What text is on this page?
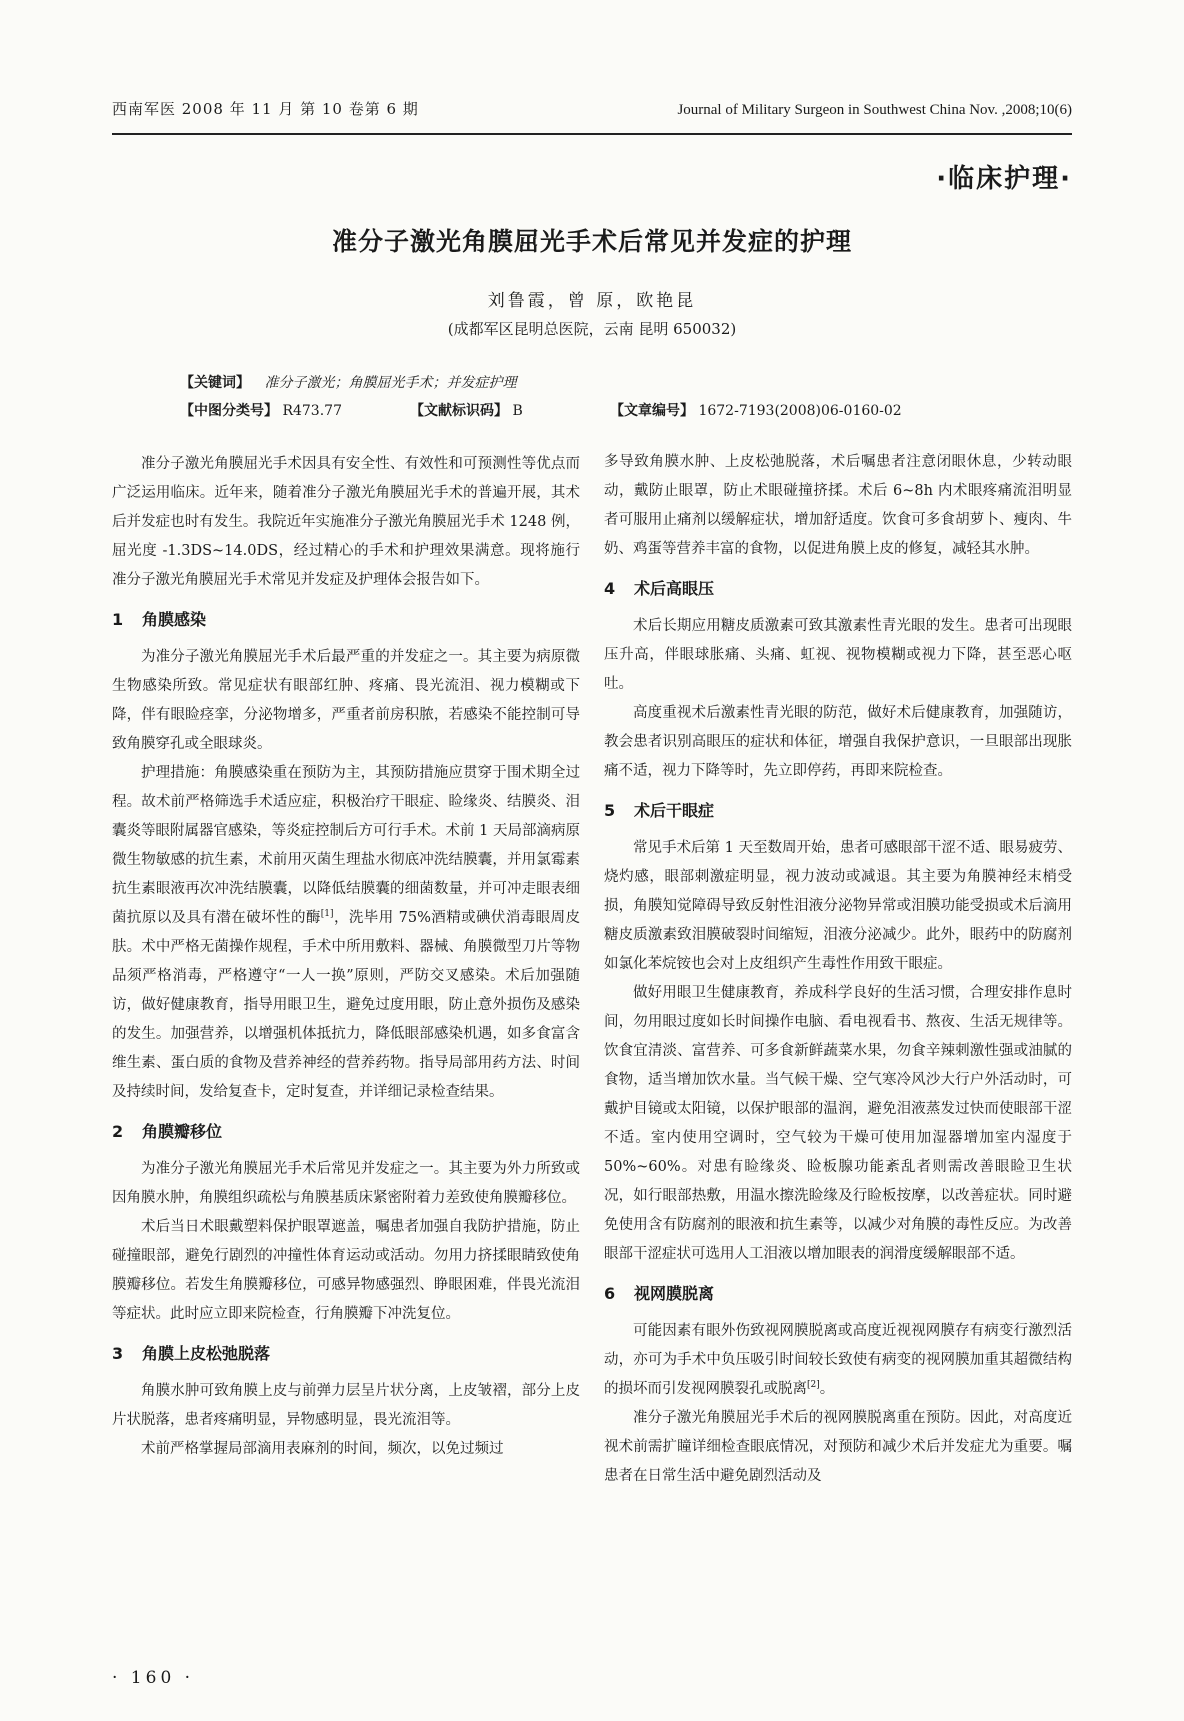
西南军医 2008 年 11 月 第 10 卷第 6 期	Journal of Military Surgeon in Southwest China Nov. ,2008;10(6)
·临床护理·
准分子激光角膜屈光手术后常见并发症的护理
刘鲁霞，曾 原，欧艳昆
(成都军区昆明总医院，云南 昆明 650032)
【关键词】 准分子激光；角膜屈光手术；并发症护理
【中图分类号】 R473.77	【文献标识码】 B	【文章编号】 1672-7193(2008)06-0160-02

准分子激光角膜屈光手术因具有安全性、有效性和可预测性等优点而广泛运用临床。近年来，随着准分子激光角膜屈光手术的普遍开展，其术后并发症也时有发生。我院近年实施准分子激光角膜屈光手术 1248 例，屈光度 -1.3DS~14.0DS，经过精心的手术和护理效果满意。现将施行准分子激光角膜屈光手术常见并发症及护理体会报告如下。

1 角膜感染

为准分子激光角膜屈光手术后最严重的并发症之一。其主要为病原微生物感染所致。常见症状有眼部红肿、疼痛、畏光流泪、视力模糊或下降，伴有眼睑痉挛，分泌物增多，严重者前房积脓，若感染不能控制可导致角膜穿孔或全眼球炎。

护理措施：角膜感染重在预防为主，其预防措施应贯穿于围术期全过程。故术前严格筛选手术适应症，积极治疗干眼症、睑缘炎、结膜炎、泪囊炎等眼附属器官感染，等炎症控制后方可行手术。术前 1 天局部滴病原微生物敏感的抗生素，术前用灭菌生理盐水彻底冲洗结膜囊，并用氯霉素抗生素眼液再次冲洗结膜囊，以降低结膜囊的细菌数量，并可冲走眼表细菌抗原以及具有潜在破坏性的酶[1]，洗毕用 75%酒精或碘伏消毒眼周皮肤。术中严格无菌操作规程，手术中所用敷料、器械、角膜微型刀片等物品须严格消毒，严格遵守“一人一换”原则，严防交叉感染。术后加强随访，做好健康教育，指导用眼卫生，避免过度用眼，防止意外损伤及感染的发生。加强营养，以增强机体抵抗力，降低眼部感染机遇，如多食富含维生素、蛋白质的食物及营养神经的营养药物。指导局部用药方法、时间及持续时间，发给复查卡，定时复查，并详细记录检查结果。

2 角膜瓣移位

为准分子激光角膜屈光手术后常见并发症之一。其主要为外力所致或因角膜水肿，角膜组织疏松与角膜基质床紧密附着力差致使角膜瓣移位。

术后当日术眼戴塑料保护眼罩遮盖，嘱患者加强自我防护措施，防止碰撞眼部，避免行剧烈的冲撞性体育运动或活动。勿用力挤揉眼睛致使角膜瓣移位。若发生角膜瓣移位，可感异物感强烈、睁眼困难，伴畏光流泪等症状。此时应立即来院检查，行角膜瓣下冲洗复位。

3 角膜上皮松弛脱落

角膜水肿可致角膜上皮与前弹力层呈片状分离，上皮皱褶，部分上皮片状脱落，患者疼痛明显，异物感明显，畏光流泪等。

术前严格掌握局部滴用表麻剂的时间，频次，以免过频过

多导致角膜水肿、上皮松弛脱落，术后嘱患者注意闭眼休息，少转动眼动，戴防止眼罩，防止术眼碰撞挤揉。术后 6~8h 内术眼疼痛流泪明显者可服用止痛剂以缓解症状，增加舒适度。饮食可多食胡萝卜、瘦肉、牛奶、鸡蛋等营养丰富的食物，以促进角膜上皮的修复，减轻其水肿。

4 术后高眼压

术后长期应用糖皮质激素可致其激素性青光眼的发生。患者可出现眼压升高，伴眼球胀痛、头痛、虹视、视物模糊或视力下降，甚至恶心呕吐。

高度重视术后激素性青光眼的防范，做好术后健康教育，加强随访，教会患者识别高眼压的症状和体征，增强自我保护意识，一旦眼部出现胀痛不适，视力下降等时，先立即停药，再即来院检查。

5 术后干眼症

常见手术后第 1 天至数周开始，患者可感眼部干涩不适、眼易疲劳、烧灼感，眼部刺激症明显，视力波动或减退。其主要为角膜神经末梢受损，角膜知觉障碍导致反射性泪液分泌物异常或泪膜功能受损或术后滴用糖皮质激素致泪膜破裂时间缩短，泪液分泌减少。此外，眼药中的防腐剂如氯化苯烷铵也会对上皮组织产生毒性作用致干眼症。

做好用眼卫生健康教育，养成科学良好的生活习惯，合理安排作息时间，勿用眼过度如长时间操作电脑、看电视看书、熬夜、生活无规律等。饮食宜清淡、富营养、可多食新鲜蔬菜水果，勿食辛辣刺激性强或油腻的食物，适当增加饮水量。当气候干燥、空气寒冷风沙大行户外活动时，可戴护目镜或太阳镜，以保护眼部的温润，避免泪液蒸发过快而使眼部干涩不适。室内使用空调时，空气较为干燥可使用加湿器增加室内湿度于 50%~60%。对患有睑缘炎、睑板腺功能紊乱者则需改善眼睑卫生状况，如行眼部热敷，用温水擦洗睑缘及行睑板按摩，以改善症状。同时避免使用含有防腐剂的眼液和抗生素等，以减少对角膜的毒性反应。为改善眼部干涩症状可选用人工泪液以增加眼表的润滑度缓解眼部不适。

6 视网膜脱离

可能因素有眼外伤致视网膜脱离或高度近视视网膜存有病变行激烈活动，亦可为手术中负压吸引时间较长致使有病变的视网膜加重其超微结构的损坏而引发视网膜裂孔或脱离[2]。

准分子激光角膜屈光手术后的视网膜脱离重在预防。因此，对高度近视术前需扩瞳详细检查眼底情况，对预防和减少术后并发症尤为重要。嘱患者在日常生活中避免剧烈活动及

· 160 ·
